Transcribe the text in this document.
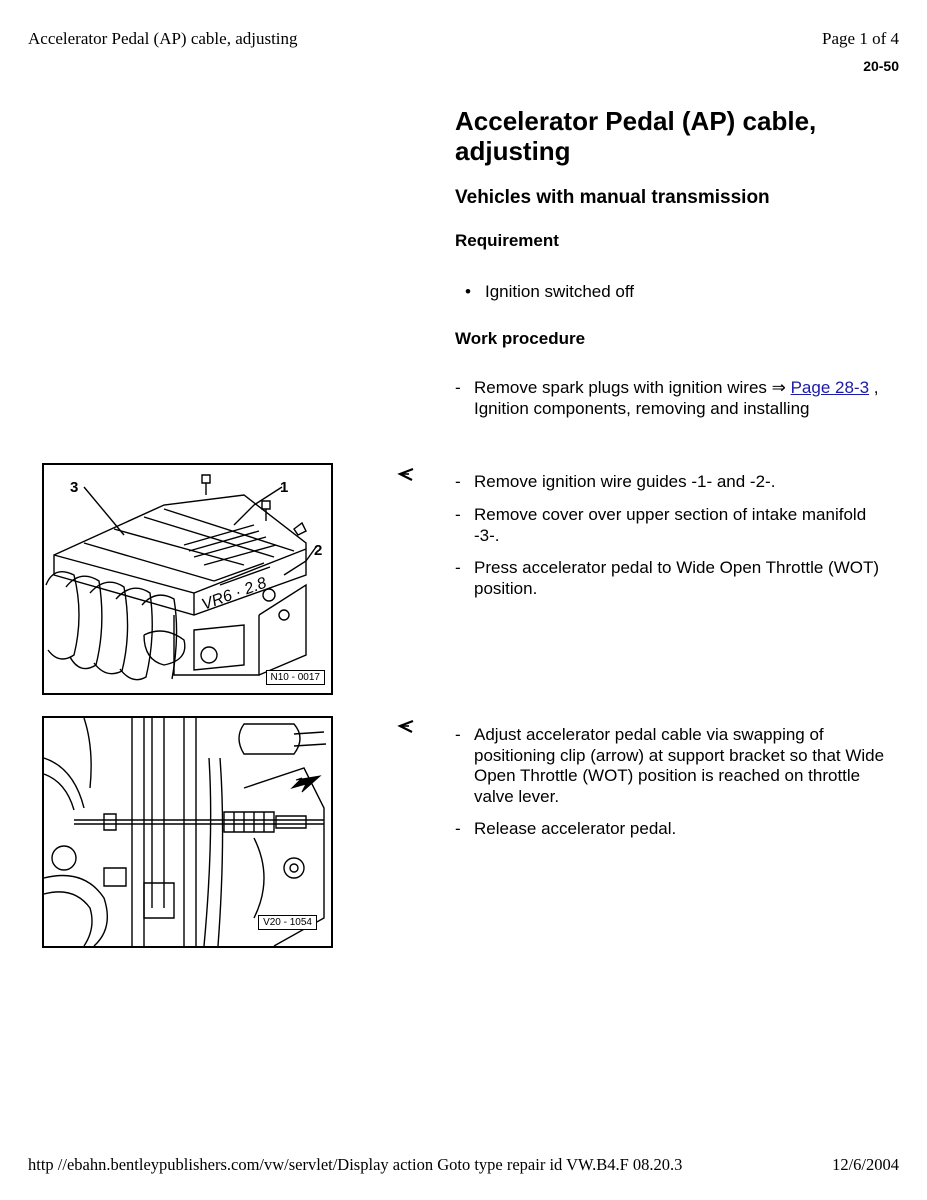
Accelerator Pedal (AP) cable, adjusting	Page 1 of 4
20-50
Accelerator Pedal (AP) cable, adjusting
Vehicles with manual transmission
Requirement
• Ignition switched off
Work procedure
- Remove spark plugs with ignition wires ⇒ Page 28-3 , Ignition components, removing and installing
- Remove ignition wire guides -1- and -2-.
- Remove cover over upper section of intake manifold -3-.
- Press accelerator pedal to Wide Open Throttle (WOT) position.
- Adjust accelerator pedal cable via swapping of positioning clip (arrow) at support bracket so that Wide Open Throttle (WOT) position is reached on throttle valve lever.
- Release accelerator pedal.
3	1
2
VR6 · 2.8
N10 - 0017
V20 - 1054
http //ebahn.bentleypublishers.com/vw/servlet/Display action Goto type repair id VW.B4.F 08.20.3	12/6/2004
